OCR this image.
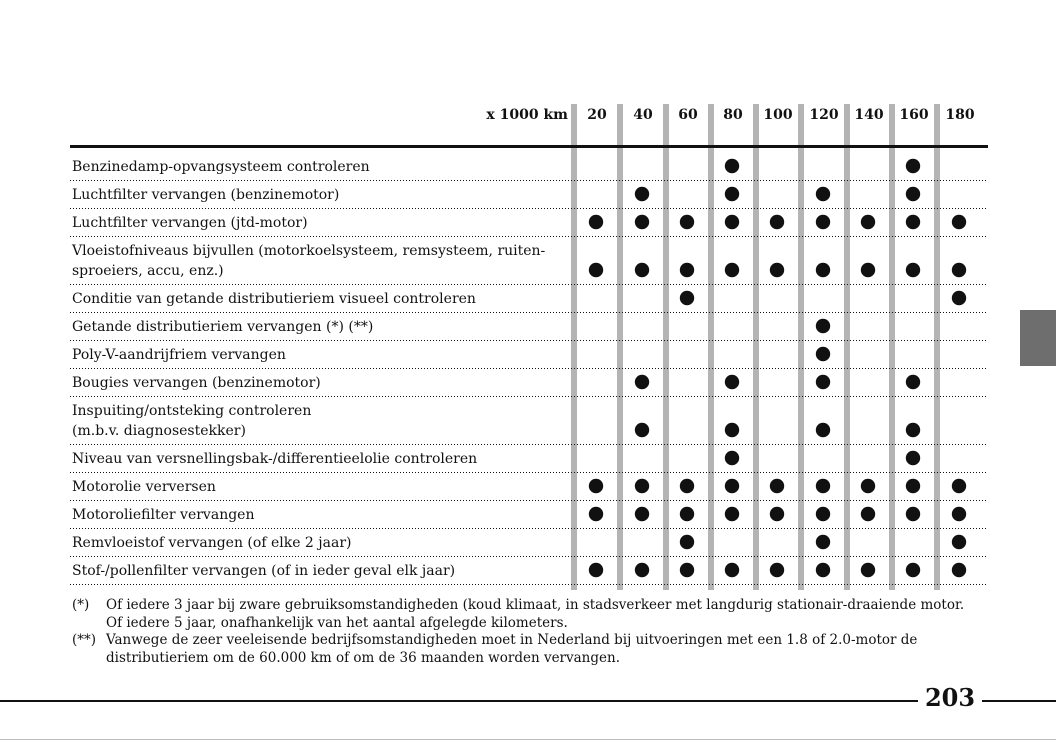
x 1000 km 20 40 60 80 100 120 140 160 180
Benzinedamp-opvangsysteem controleren
Luchtfilter vervangen (benzinemotor)
Luchtfilter vervangen (jtd-motor)
Vloeistofniveaus bijvullen (motorkoelsysteem, remsysteem, ruiten-
sproeiers, accu, enz.)
Conditie van getande distributieriem visueel controleren
Getande distributieriem vervangen (*) (**)
Poly-V-aandrijfriem vervangen
Bougies vervangen (benzinemotor)
Inspuiting/ontsteking controleren
(m.b.v. diagnosestekker)
Niveau van versnellingsbak-/differentieelolie controleren
Motorolie verversen
Motoroliefilter vervangen
Remvloeistof vervangen (of elke 2 jaar)
Stof-/pollenfilter vervangen (of in ieder geval elk jaar)
(*)	Of iedere 3 jaar bij zware gebruiksomstandigheden (koud klimaat, in stadsverkeer met langdurig stationair-draaiende motor.
Of iedere 5 jaar, onafhankelijk van het aantal afgelegde kilometers.
(**) Vanwege de zeer veeleisende bedrijfsomstandigheden moet in Nederland bij uitvoeringen met een 1.8 of 2.0-motor de
distributieriem om de 60.000 km of om de 36 maanden worden vervangen.
203
